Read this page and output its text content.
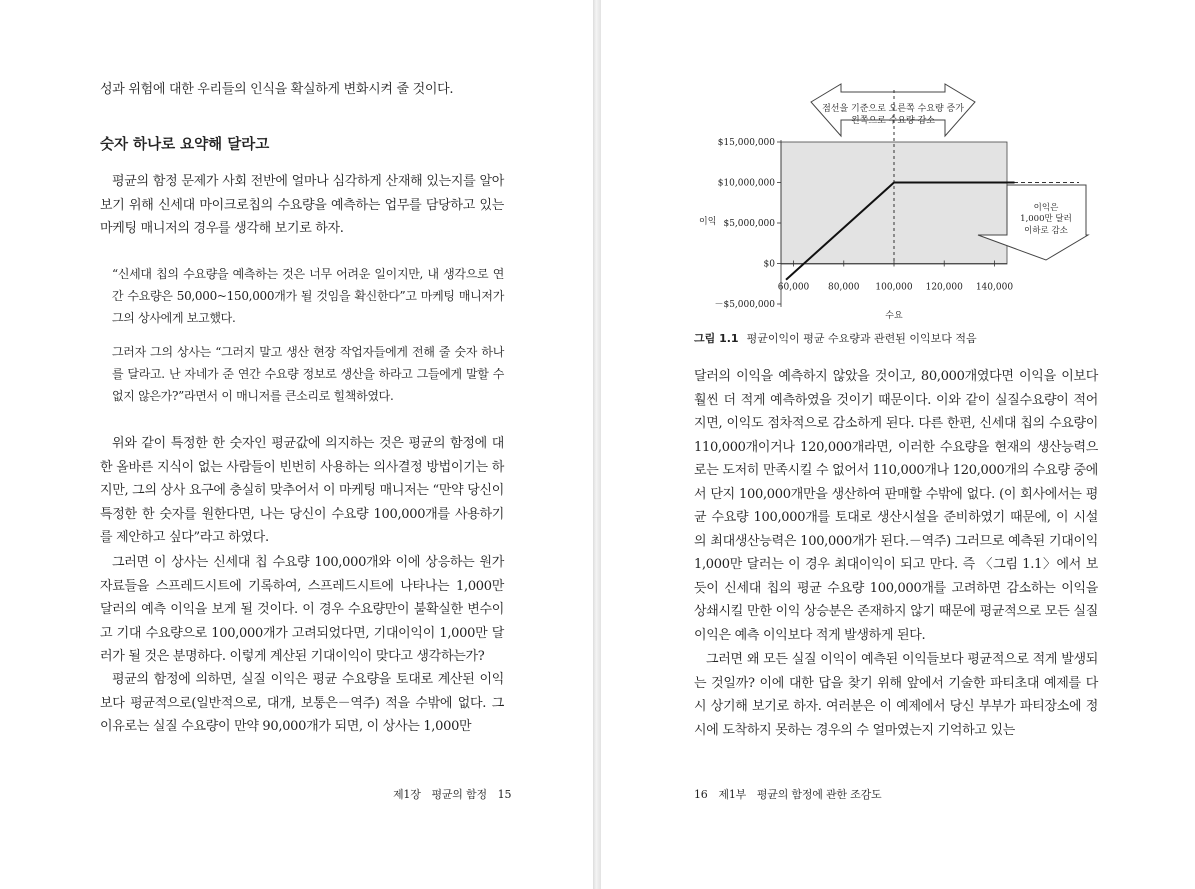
성과 위험에 대한 우리들의 인식을 확실하게 변화시켜 줄 것이다.

숫자 하나로 요약해 달라고

평균의 함정 문제가 사회 전반에 얼마나 심각하게 산재해 있는지를 알아보기 위해 신세대 마이크로칩의 수요량을 예측하는 업무를 담당하고 있는 마케팅 매니저의 경우를 생각해 보기로 하자.

“신세대 칩의 수요량을 예측하는 것은 너무 어려운 일이지만, 내 생각으로 연간 수요량은 50,000~150,000개가 될 것임을 확신한다”고 마케팅 매니저가 그의 상사에게 보고했다.

그러자 그의 상사는 “그러지 말고 생산 현장 작업자들에게 전해 줄 숫자 하나를 달라고. 난 자네가 준 연간 수요량 정보로 생산을 하라고 그들에게 말할 수 없지 않은가?”라면서 이 매니저를 큰소리로 힐책하였다.

위와 같이 특정한 한 숫자인 평균값에 의지하는 것은 평균의 함정에 대한 올바른 지식이 없는 사람들이 빈번히 사용하는 의사결정 방법이기는 하지만, 그의 상사 요구에 충실히 맞추어서 이 마케팅 매니저는 “만약 당신이 특정한 한 숫자를 원한다면, 나는 당신이 수요량 100,000개를 사용하기를 제안하고 싶다”라고 하였다.

그러면 이 상사는 신세대 칩 수요량 100,000개와 이에 상응하는 원가 자료들을 스프레드시트에 기록하여, 스프레드시트에 나타나는 1,000만 달러의 예측 이익을 보게 될 것이다. 이 경우 수요량만이 불확실한 변수이고 기대 수요량으로 100,000개가 고려되었다면, 기대이익이 1,000만 달러가 될 것은 분명하다. 이렇게 계산된 기대이익이 맞다고 생각하는가?

평균의 함정에 의하면, 실질 이익은 평균 수요량을 토대로 계산된 이익보다 평균적으로(일반적으로, 대개, 보통은－역주) 적을 수밖에 없다. 그 이유로는 실질 수요량이 만약 90,000개가 되면, 이 상사는 1,000만

제1장　평균의 함정　15
점선을 기준으로 오른쪽 수요량 증가
왼쪽으로 수요량 감소
이익은
1,000만 달러
이하로 감소
$15,000,000
$10,000,000
$5,000,000
$0
－$5,000,000
60,000 80,000 100,000 120,000 140,000
이익
수요
그림 1.1 평균이익이 평균 수요량과 관련된 이익보다 적음

달러의 이익을 예측하지 않았을 것이고, 80,000개였다면 이익을 이보다 훨씬 더 적게 예측하였을 것이기 때문이다. 이와 같이 실질수요량이 적어지면, 이익도 점차적으로 감소하게 된다. 다른 한편, 신세대 칩의 수요량이 110,000개이거나 120,000개라면, 이러한 수요량을 현재의 생산능력으로는 도저히 만족시킬 수 없어서 110,000개나 120,000개의 수요량 중에서 단지 100,000개만을 생산하여 판매할 수밖에 없다. (이 회사에서는 평균 수요량 100,000개를 토대로 생산시설을 준비하였기 때문에, 이 시설의 최대생산능력은 100,000개가 된다.－역주) 그러므로 예측된 기대이익 1,000만 달러는 이 경우 최대이익이 되고 만다. 즉 〈그림 1.1〉에서 보듯이 신세대 칩의 평균 수요량 100,000개를 고려하면 감소하는 이익을 상쇄시킬 만한 이익 상승분은 존재하지 않기 때문에 평균적으로 모든 실질 이익은 예측 이익보다 적게 발생하게 된다.

그러면 왜 모든 실질 이익이 예측된 이익들보다 평균적으로 적게 발생되는 것일까? 이에 대한 답을 찾기 위해 앞에서 기술한 파티초대 예제를 다시 상기해 보기로 하자. 여러분은 이 예제에서 당신 부부가 파티장소에 정시에 도착하지 못하는 경우의 수 얼마였는지 기억하고 있는

16　제1부　평균의 함정에 관한 조감도
